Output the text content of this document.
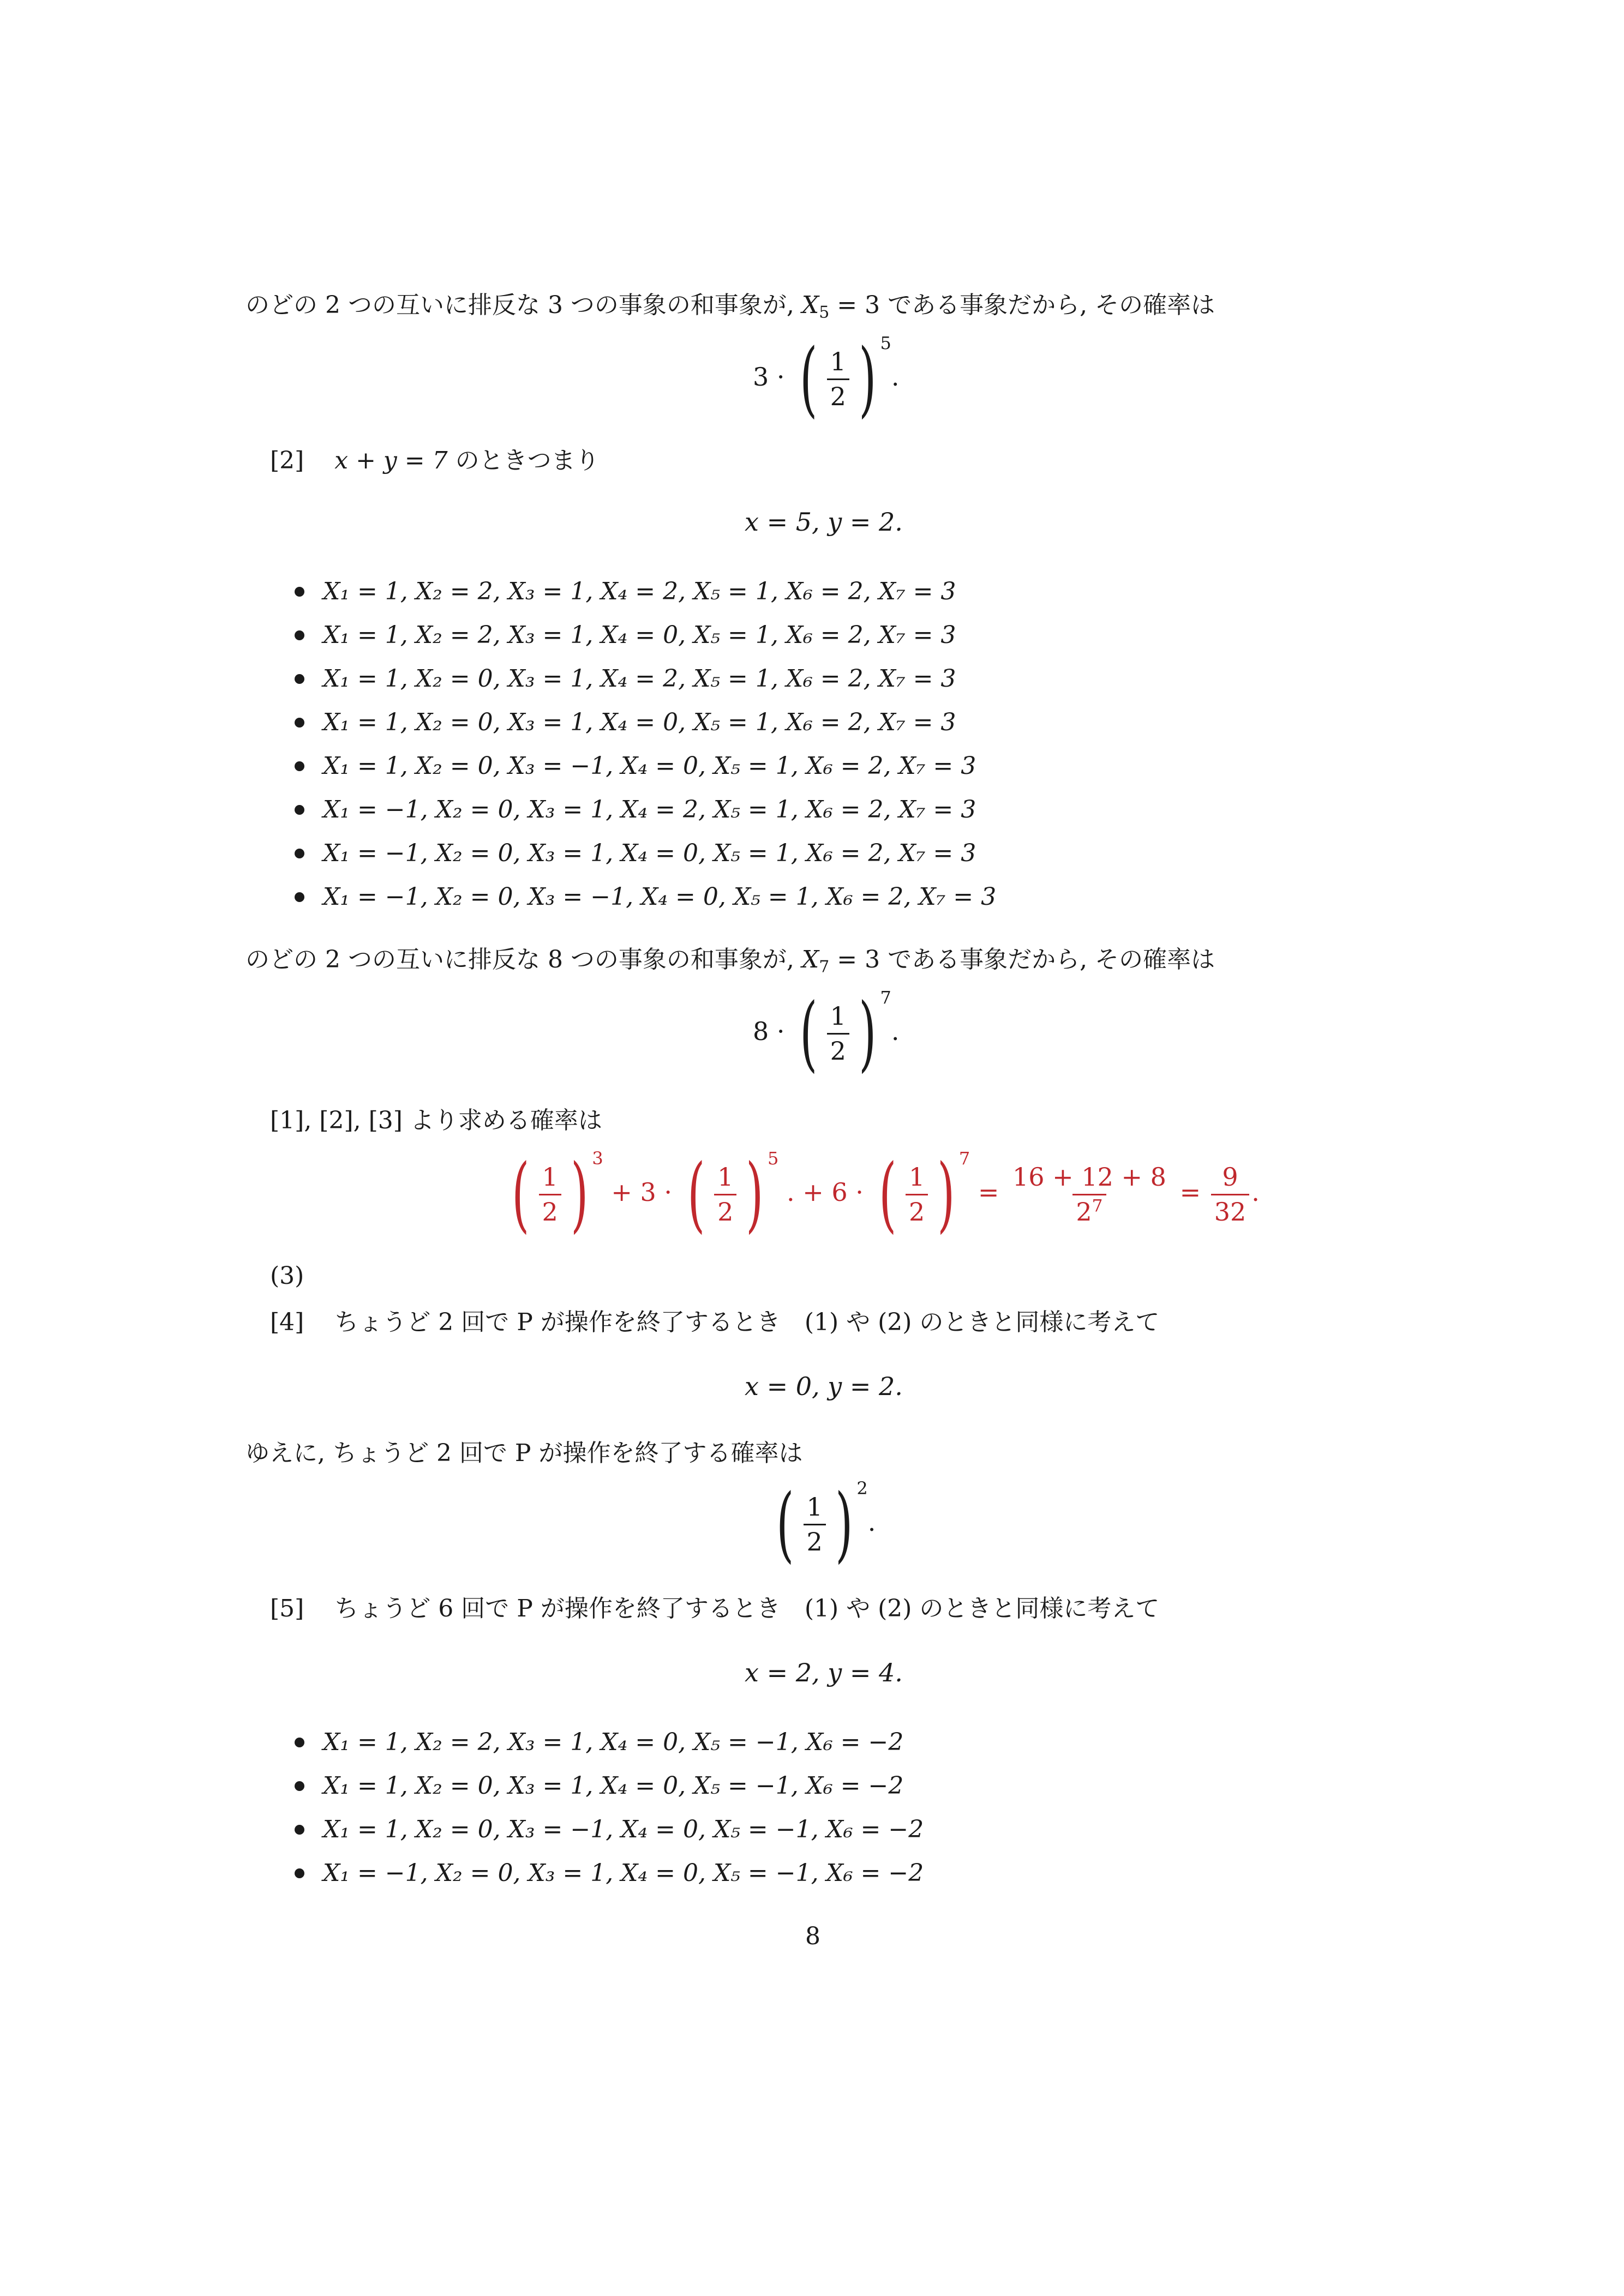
のどの 2 つの互いに排反な 3 つの事象の和事象が, $X_5 = 3$ である事象だから, その確率は
3 · ( $\frac{1}{2}$ ) 5
.
[2] x + y = 7 のときつまり
x = 5, y = 2.
X₁ = 1, X₂ = 2, X₃ = 1, X₄ = 2, X₅ = 1, X₆ = 2, X₇ = 3
X₁ = 1, X₂ = 2, X₃ = 1, X₄ = 0, X₅ = 1, X₆ = 2, X₇ = 3
X₁ = 1, X₂ = 0, X₃ = 1, X₄ = 2, X₅ = 1, X₆ = 2, X₇ = 3
X₁ = 1, X₂ = 0, X₃ = 1, X₄ = 0, X₅ = 1, X₆ = 2, X₇ = 3
X₁ = 1, X₂ = 0, X₃ = −1, X₄ = 0, X₅ = 1, X₆ = 2, X₇ = 3
X₁ = −1, X₂ = 0, X₃ = 1, X₄ = 2, X₅ = 1, X₆ = 2, X₇ = 3
X₁ = −1, X₂ = 0, X₃ = 1, X₄ = 0, X₅ = 1, X₆ = 2, X₇ = 3
X₁ = −1, X₂ = 0, X₃ = −1, X₄ = 0, X₅ = 1, X₆ = 2, X₇ = 3
のどの 2 つの互いに排反な 8 つの事象の和事象が, $X_7 = 3$ である事象だから, その確率は
8 · ( $\frac{1}{2}$ ) 7
.
[1], [2], [3] より求める確率は
( $\frac{1}{2}$ ) 3
+ 3 · ( $\frac{1}{2}$ ) 5
. + 6 · ( $\frac{1}{2}$ ) 7
= $\frac{16 + 12 + 8}{2^7} = \frac{9}{32}$ .
(3)
[4] ちょうど 2 回で P が操作を終了するとき　(1) や (2) のときと同様に考えて
x = 0, y = 2.
ゆえに, ちょうど 2 回で P が操作を終了する確率は
( $\frac{1}{2}$ ) 2
.
[5] ちょうど 6 回で P が操作を終了するとき　(1) や (2) のときと同様に考えて
x = 2, y = 4.
X₁ = 1, X₂ = 2, X₃ = 1, X₄ = 0, X₅ = −1, X₆ = −2
X₁ = 1, X₂ = 0, X₃ = 1, X₄ = 0, X₅ = −1, X₆ = −2
X₁ = 1, X₂ = 0, X₃ = −1, X₄ = 0, X₅ = −1, X₆ = −2
X₁ = −1, X₂ = 0, X₃ = 1, X₄ = 0, X₅ = −1, X₆ = −2
8
